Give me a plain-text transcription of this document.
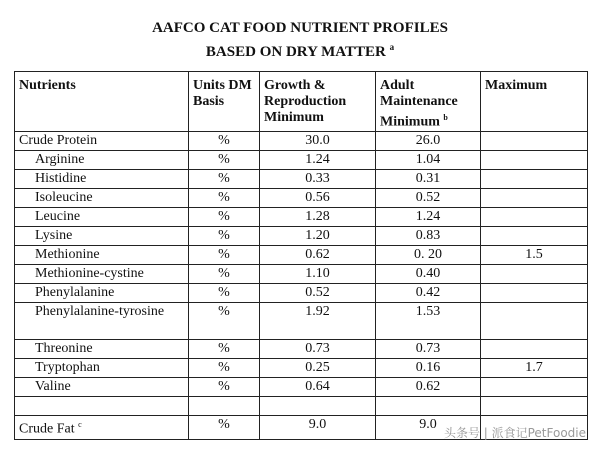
AAFCO CAT FOOD NUTRIENT PROFILES
BASED ON DRY MATTER $^a$
Nutrients	Units DM Basis	Growth & Reproduction Minimum	Adult Maintenance Minimum $^b$	Maximum
Crude Protein	%	30.0	26.0	
Arginine	%	1.24	1.04	
Histidine	%	0.33	0.31	
Isoleucine	%	0.56	0.52	
Leucine	%	1.28	1.24	
Lysine	%	1.20	0.83	
Methionine	%	0.62	0. 20	1.5
Methionine-cystine	%	1.10	0.40	
Phenylalanine	%	0.52	0.42	
Phenylalanine-tyrosine	%	1.92	1.53	
Threonine	%	0.73	0.73	
Tryptophan	%	0.25	0.16	1.7
Valine	%	0.64	0.62	

Crude Fat $^c$	%	9.0	9.0	
头条号 | 派食记PetFoodie
